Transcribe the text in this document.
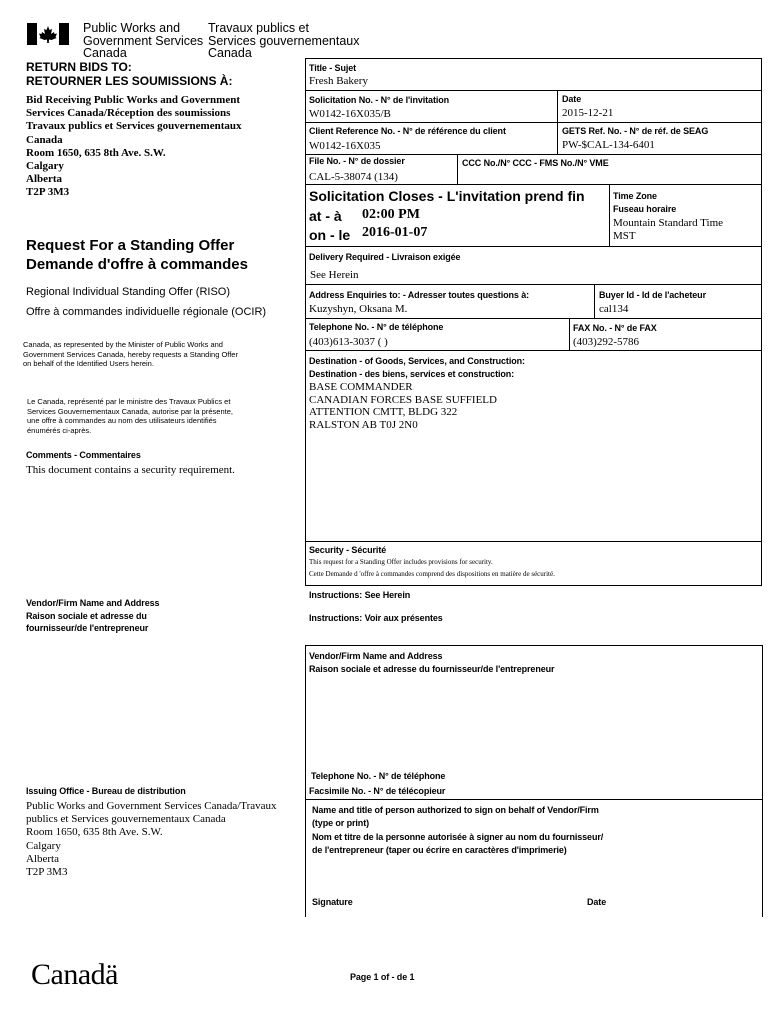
Public Works and
Government Services
Canada
Travaux publics et
Services gouvernementaux
Canada
RETURN BIDS TO:
RETOURNER LES SOUMISSIONS À:
Bid Receiving Public Works and Government
Services Canada/Réception des soumissions
Travaux publics et Services gouvernementaux
Canada
Room 1650, 635 8th Ave. S.W.
Calgary
Alberta
T2P 3M3
Request For a Standing Offer
Demande d'offre à commandes
Regional Individual Standing Offer (RISO)
Offre à commandes individuelle régionale (OCIR)
Canada, as represented by the Minister of Public Works and
Government Services Canada, hereby requests a Standing Offer
on behalf of the Identified Users herein.
Le Canada, représenté par le ministre des Travaux Publics et
Services Gouvernementaux Canada, autorise par la présente,
une offre à commandes au nom des utilisateurs identifiés
énumérés ci-après.
Comments - Commentaires
This document contains a security requirement.
Vendor/Firm Name and Address
Raison sociale et adresse du
fournisseur/de l'entrepreneur
Issuing Office - Bureau de distribution
Public Works and Government Services Canada/Travaux
publics et Services gouvernementaux Canada
Room 1650, 635 8th Ave. S.W.
Calgary
Alberta
T2P 3M3
Title - Sujet
Fresh Bakery
Solicitation No. - N° de l'invitation
W0142-16X035/B
Date
2015-12-21
Client Reference No. - N° de référence du client
W0142-16X035
GETS Ref. No. - N° de réf. de SEAG
PW-$CAL-134-6401
File No. - N° de dossier
CAL-5-38074 (134)
CCC No./N° CCC - FMS No./N° VME
Solicitation Closes - L'invitation prend fin
at - à 02:00 PM
on - le 2016-01-07
Time Zone
Fuseau horaire
Mountain Standard Time
MST
Delivery Required - Livraison exigée
See Herein
Address Enquiries to: - Adresser toutes questions à:
Kuzyshyn, Oksana M.
Buyer Id - Id de l'acheteur
cal134
Telephone No. - N° de téléphone
(403)613-3037 ( )
FAX No. - N° de FAX
(403)292-5786
Destination - of Goods, Services, and Construction:
Destination - des biens, services et construction:
BASE COMMANDER
CANADIAN FORCES BASE SUFFIELD
ATTENTION CMTT, BLDG 322
RALSTON AB T0J 2N0
Security - Sécurité
This request for a Standing Offer includes provisions for security.
Cette Demande d 'offre à commandes comprend des dispositions en matière de sécurité.
Instructions: See Herein
Instructions: Voir aux présentes
Vendor/Firm Name and Address
Raison sociale et adresse du fournisseur/de l'entrepreneur
Telephone No. - N° de téléphone
Facsimile No. - N° de télécopieur
Name and title of person authorized to sign on behalf of Vendor/Firm
(type or print)
Nom et titre de la personne autorisée à signer au nom du fournisseur/
de l'entrepreneur (taper ou écrire en caractères d'imprimerie)
Signature	Date
Canadä	Page 1 of - de 1
